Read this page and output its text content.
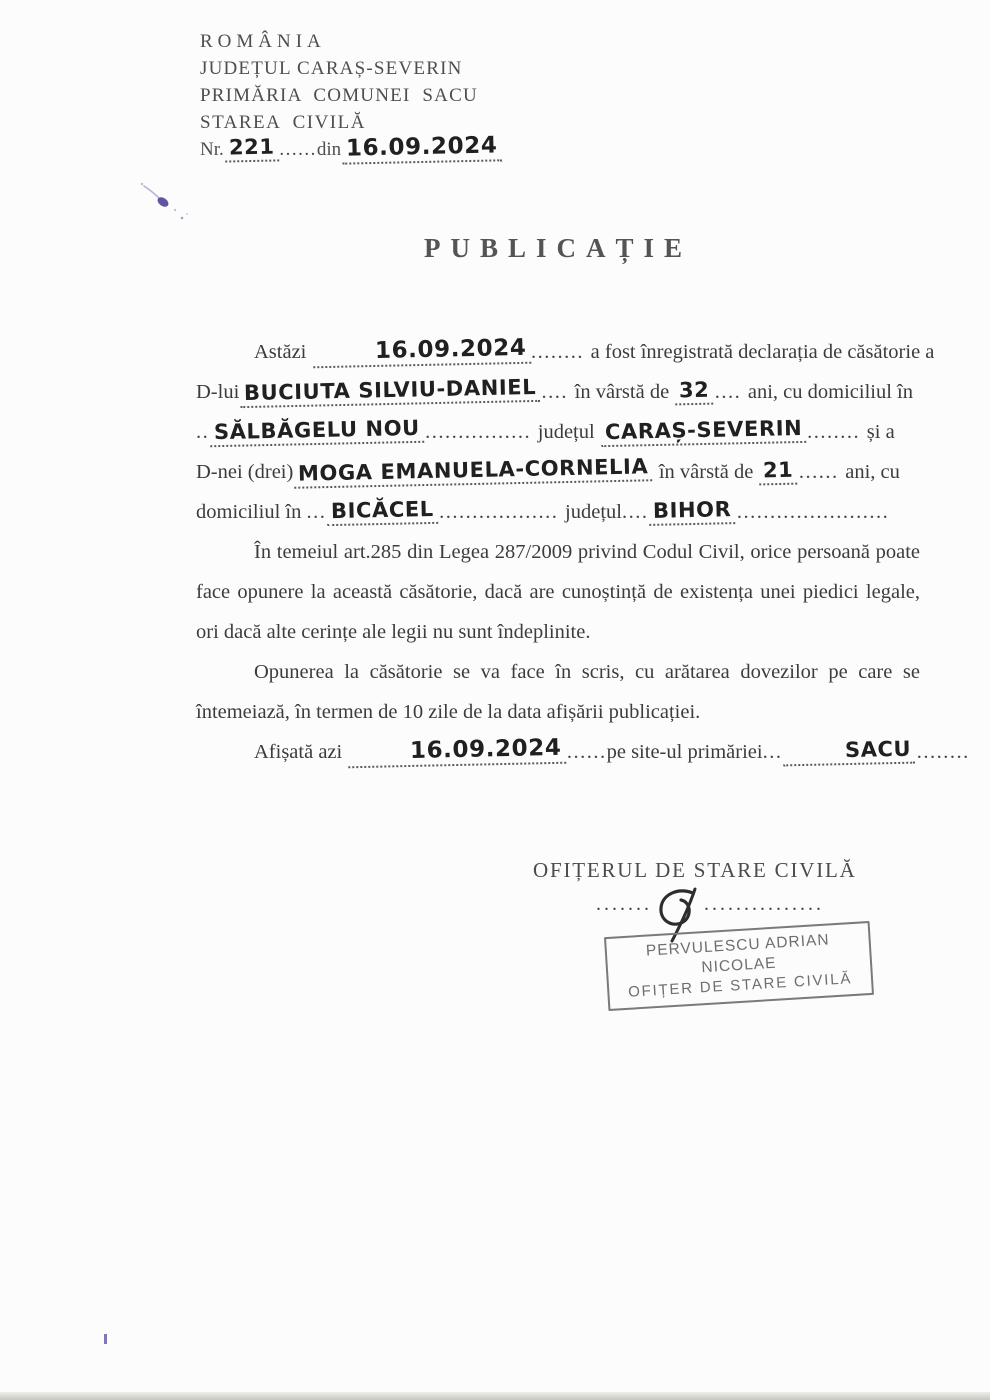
ROMÂNIA
JUDEȚUL CARAȘ-SEVERIN
PRIMĂRIA COMUNEI SACU
STAREA CIVILĂ
Nr. 221 ......din 16.09.2024
PUBLICAȚIE
Astăzi	16.09.2024 ........ a fost înregistrată declarația de căsătorie a
D-lui BUCIUTA SILVIU-DANIEL .... în vârstă de 32 .... ani, cu domiciliul în
.. SĂLBĂGELU NOU ................ județul CARAȘ-SEVERIN ........ și a
D-nei (drei) MOGA EMANUELA-CORNELIA în vârstă de 21 ...... ani, cu
domiciliul în ... BICĂCEL .................. județul.... BIHOR .......................
În temeiul art.285 din Legea 287/2009 privind Codul Civil, orice persoană poate face opunere la această căsătorie, dacă are cunoștință de existența unei piedici legale, ori dacă alte cerințe ale legii nu sunt îndeplinite.
Opunerea la căsătorie se va face în scris, cu arătarea dovezilor pe care se întemeiază, în termen de 10 zile de la data afișării publicației.
Afișată azi	16.09.2024 ......pe site-ul primăriei...	SACU ........
OFIȚERUL DE STARE CIVILĂ
.......	...............
PERVULESCU ADRIAN NICOLAE
OFIȚER DE STARE CIVILĂ
